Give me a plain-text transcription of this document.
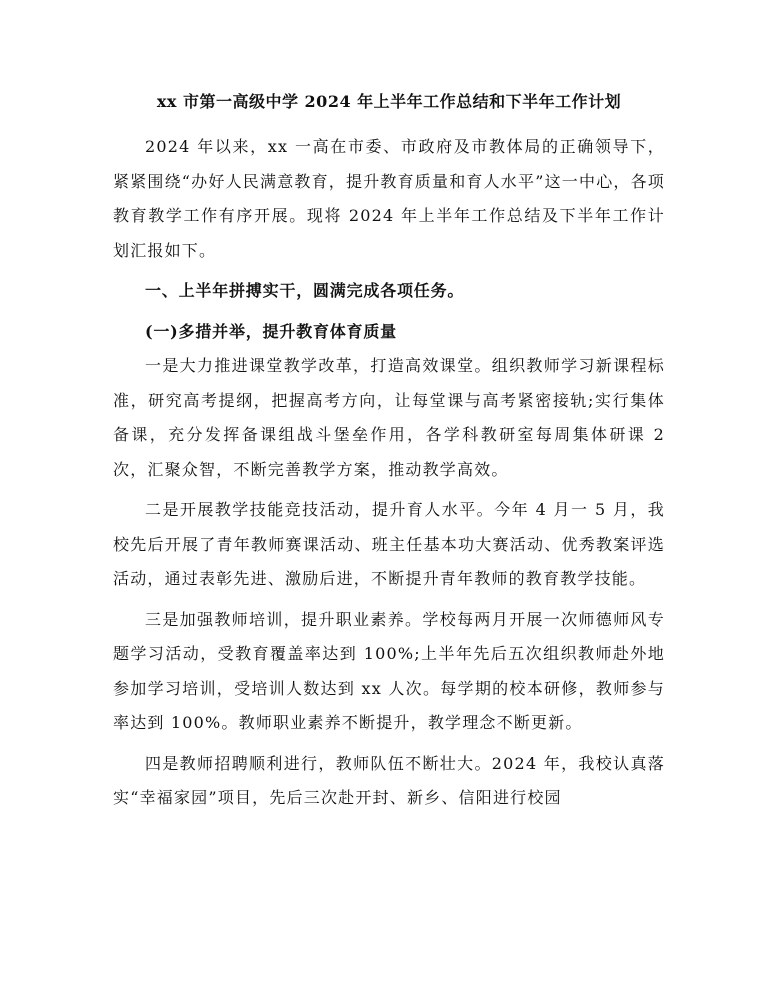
xx 市第一高级中学 2024 年上半年工作总结和下半年工作计划

2024 年以来，xx 一高在市委、市政府及市教体局的正确领导下，紧紧围绕“办好人民满意教育，提升教育质量和育人水平”这一中心，各项教育教学工作有序开展。现将 2024 年上半年工作总结及下半年工作计划汇报如下。

一、上半年拼搏实干，圆满完成各项任务。

(一)多措并举，提升教育体育质量

一是大力推进课堂教学改革，打造高效课堂。组织教师学习新课程标准，研究高考提纲，把握高考方向，让每堂课与高考紧密接轨;实行集体备课，充分发挥备课组战斗堡垒作用，各学科教研室每周集体研课 2 次，汇聚众智，不断完善教学方案，推动教学高效。

二是开展教学技能竞技活动，提升育人水平。今年 4 月一 5 月，我校先后开展了青年教师赛课活动、班主任基本功大赛活动、优秀教案评选活动，通过表彰先进、激励后进，不断提升青年教师的教育教学技能。

三是加强教师培训，提升职业素养。学校每两月开展一次师德师风专题学习活动，受教育覆盖率达到 100%;上半年先后五次组织教师赴外地参加学习培训，受培训人数达到 xx 人次。每学期的校本研修，教师参与率达到 100%。教师职业素养不断提升，教学理念不断更新。

四是教师招聘顺利进行，教师队伍不断壮大。2024 年，我校认真落实“幸福家园”项目，先后三次赴开封、新乡、信阳进行校园
